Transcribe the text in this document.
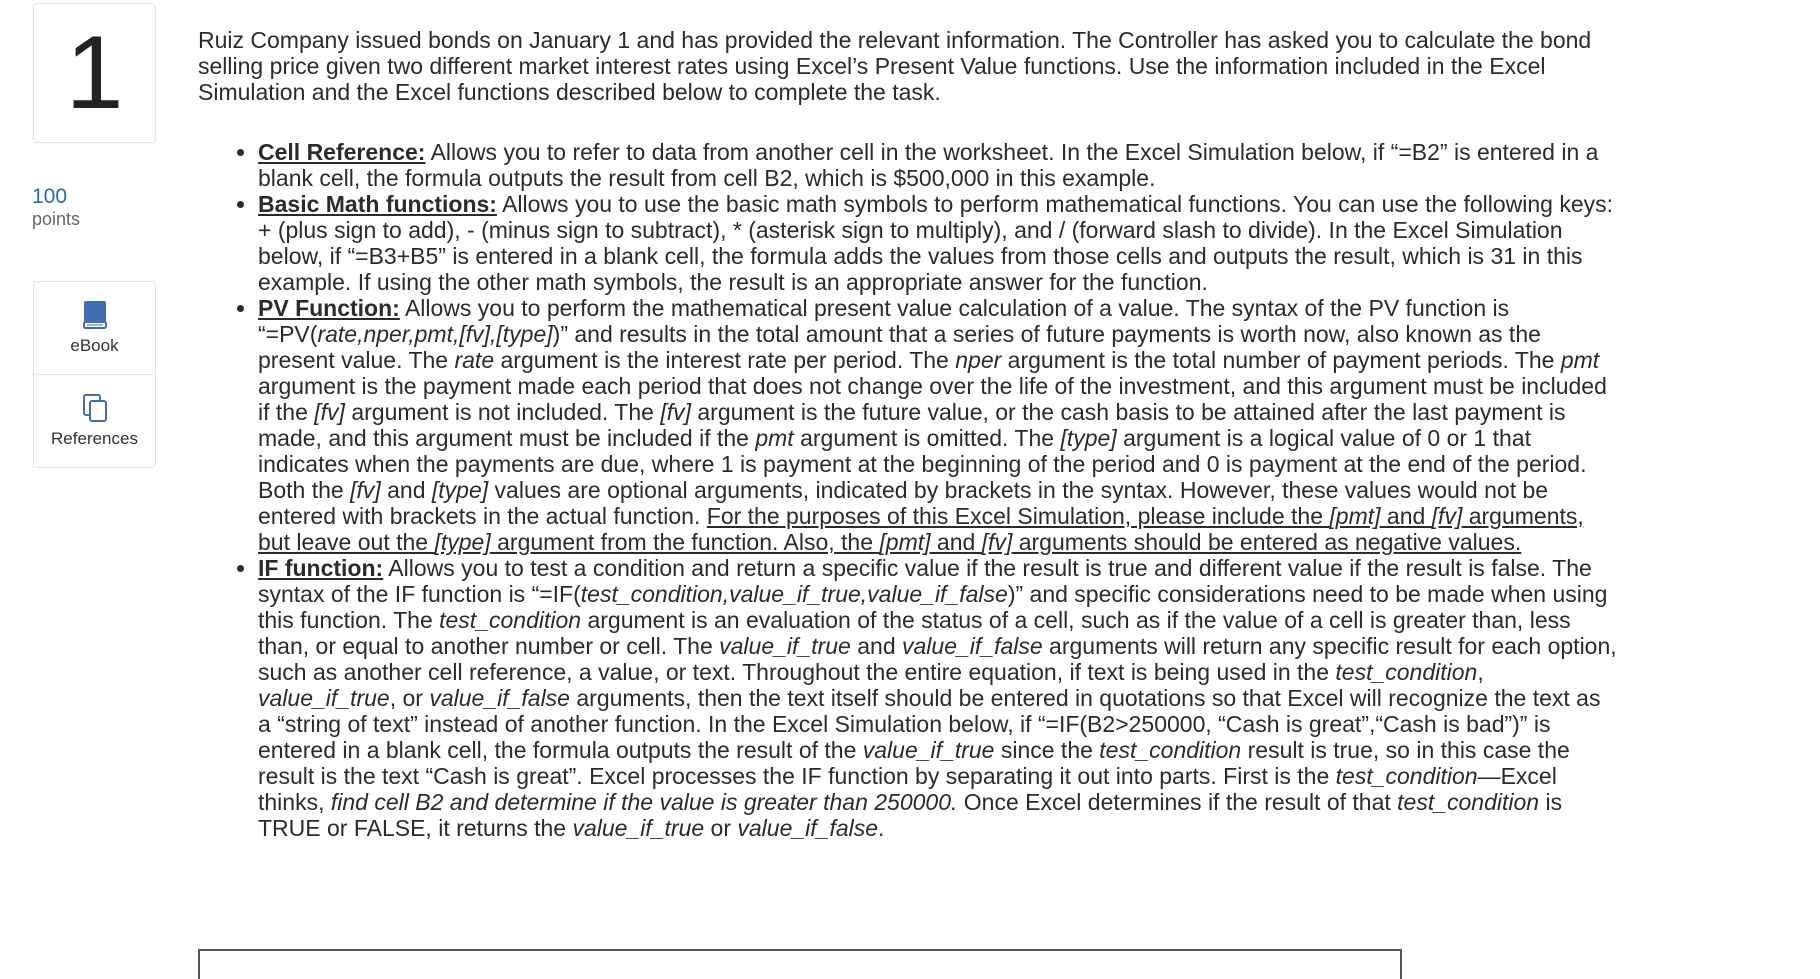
1
100
points
eBook
References

Ruiz Company issued bonds on January 1 and has provided the relevant information. The Controller has asked you to calculate the bond selling price given two different market interest rates using Excel’s Present Value functions. Use the information included in the Excel Simulation and the Excel functions described below to complete the task.

• Cell Reference: Allows you to refer to data from another cell in the worksheet. In the Excel Simulation below, if “=B2” is entered in a blank cell, the formula outputs the result from cell B2, which is $500,000 in this example.
• Basic Math functions: Allows you to use the basic math symbols to perform mathematical functions. You can use the following keys: + (plus sign to add), - (minus sign to subtract), * (asterisk sign to multiply), and / (forward slash to divide). In the Excel Simulation below, if “=B3+B5” is entered in a blank cell, the formula adds the values from those cells and outputs the result, which is 31 in this example. If using the other math symbols, the result is an appropriate answer for the function.
• PV Function: Allows you to perform the mathematical present value calculation of a value. The syntax of the PV function is “=PV(rate,nper,pmt,[fv],[type])” and results in the total amount that a series of future payments is worth now, also known as the present value. The rate argument is the interest rate per period. The nper argument is the total number of payment periods. The pmt argument is the payment made each period that does not change over the life of the investment, and this argument must be included if the [fv] argument is not included. The [fv] argument is the future value, or the cash basis to be attained after the last payment is made, and this argument must be included if the pmt argument is omitted. The [type] argument is a logical value of 0 or 1 that indicates when the payments are due, where 1 is payment at the beginning of the period and 0 is payment at the end of the period. Both the [fv] and [type] values are optional arguments, indicated by brackets in the syntax. However, these values would not be entered with brackets in the actual function. For the purposes of this Excel Simulation, please include the [pmt] and [fv] arguments, but leave out the [type] argument from the function. Also, the [pmt] and [fv] arguments should be entered as negative values.
• IF function: Allows you to test a condition and return a specific value if the result is true and different value if the result is false. The syntax of the IF function is “=IF(test_condition,value_if_true,value_if_false)” and specific considerations need to be made when using this function. The test_condition argument is an evaluation of the status of a cell, such as if the value of a cell is greater than, less than, or equal to another number or cell. The value_if_true and value_if_false arguments will return any specific result for each option, such as another cell reference, a value, or text. Throughout the entire equation, if text is being used in the test_condition, value_if_true, or value_if_false arguments, then the text itself should be entered in quotations so that Excel will recognize the text as a “string of text” instead of another function. In the Excel Simulation below, if “=IF(B2>250000, “Cash is great”,“Cash is bad”)” is entered in a blank cell, the formula outputs the result of the value_if_true since the test_condition result is true, so in this case the result is the text “Cash is great”. Excel processes the IF function by separating it out into parts. First is the test_condition—Excel thinks, find cell B2 and determine if the value is greater than 250000. Once Excel determines if the result of that test_condition is TRUE or FALSE, it returns the value_if_true or value_if_false.
